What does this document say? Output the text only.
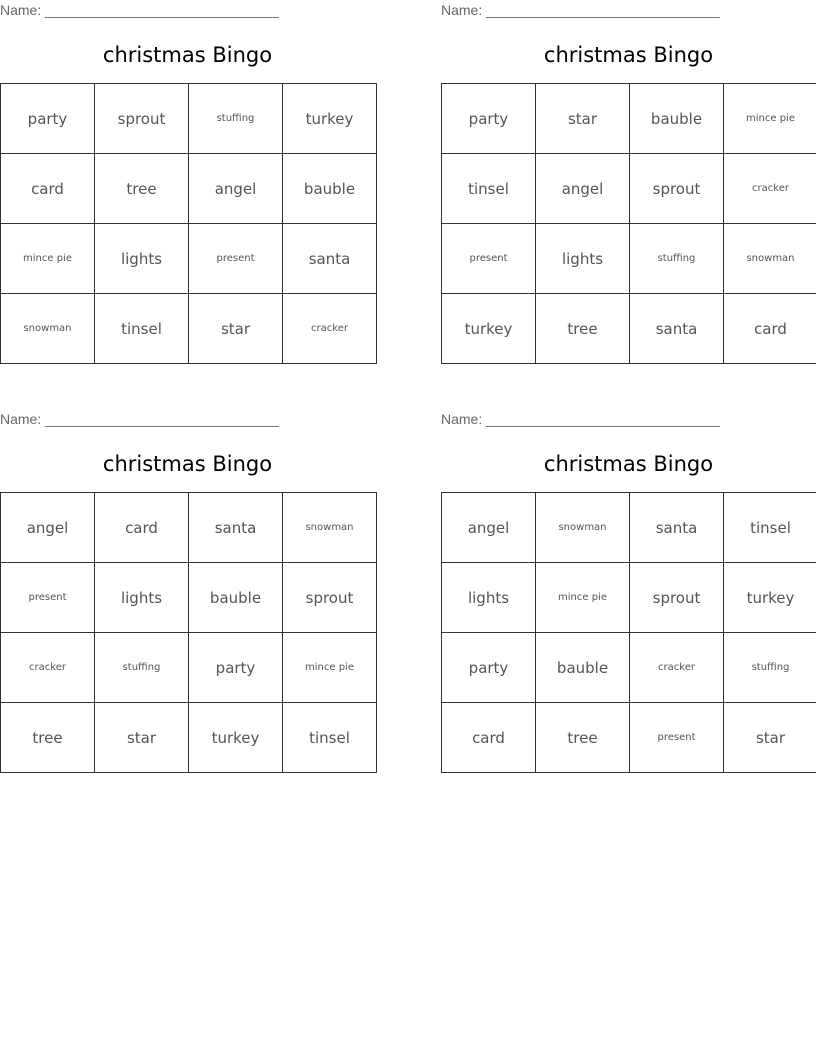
Name: ______________________________
christmas Bingo
party	sprout	stuffing	turkey
card	tree	angel	bauble
mince pie	lights	present	santa
snowman	tinsel	star	cracker
Name: ______________________________
christmas Bingo
party	star	bauble	mince pie
tinsel	angel	sprout	cracker
present	lights	stuffing	snowman
turkey	tree	santa	card
Name: ______________________________
christmas Bingo
angel	card	santa	snowman
present	lights	bauble	sprout
cracker	stuffing	party	mince pie
tree	star	turkey	tinsel
Name: ______________________________
christmas Bingo
angel	snowman	santa	tinsel
lights	mince pie	sprout	turkey
party	bauble	cracker	stuffing
card	tree	present	star
